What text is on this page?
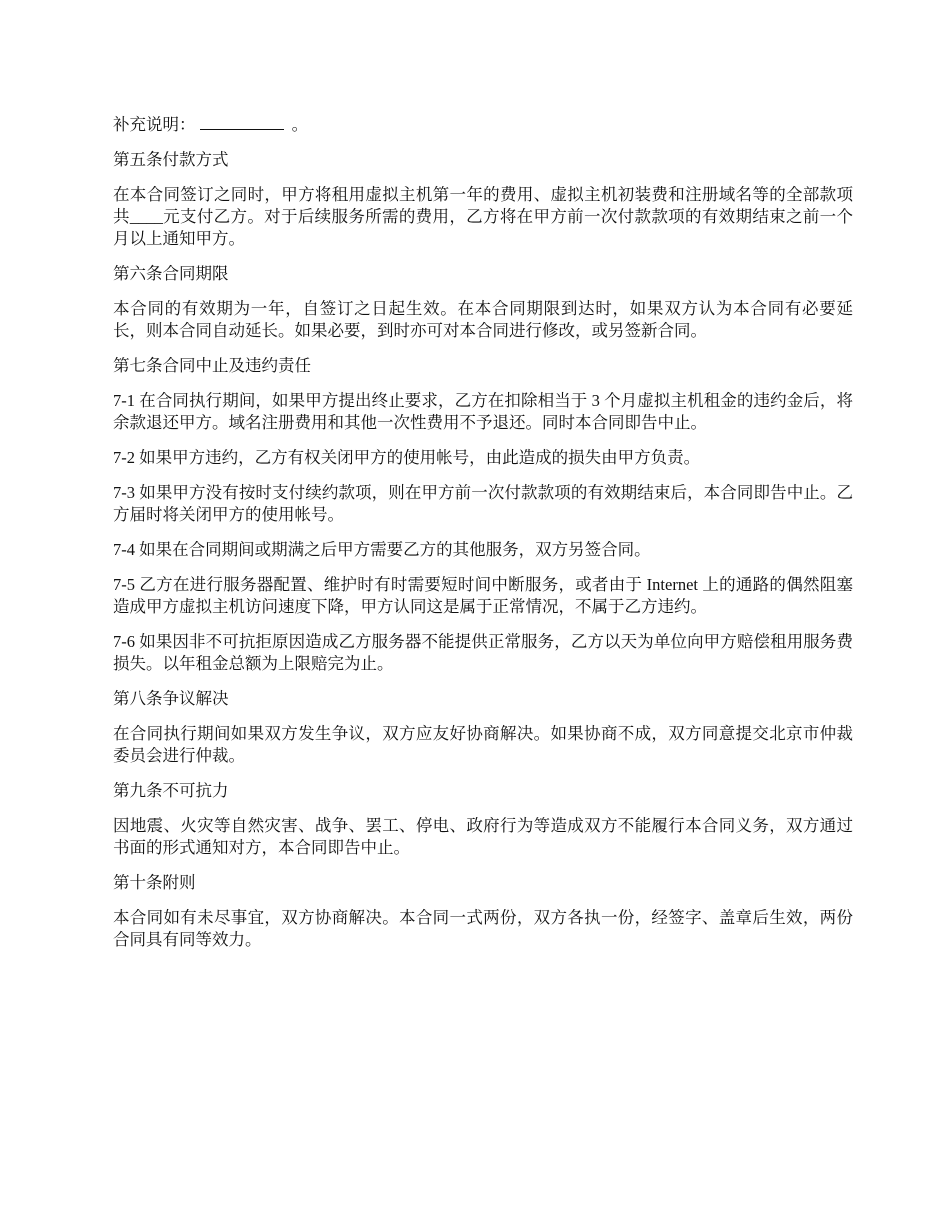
补充说明：	。

第五条付款方式

在本合同签订之同时，甲方将租用虚拟主机第一年的费用、虚拟主机初装费和注册域名等的全部款项共____元支付乙方。对于后续服务所需的费用，乙方将在甲方前一次付款款项的有效期结束之前一个月以上通知甲方。

第六条合同期限

本合同的有效期为一年，自签订之日起生效。在本合同期限到达时，如果双方认为本合同有必要延长，则本合同自动延长。如果必要，到时亦可对本合同进行修改，或另签新合同。

第七条合同中止及违约责任

7-1 在合同执行期间，如果甲方提出终止要求，乙方在扣除相当于 3 个月虚拟主机租金的违约金后，将余款退还甲方。域名注册费用和其他一次性费用不予退还。同时本合同即告中止。

7-2 如果甲方违约，乙方有权关闭甲方的使用帐号，由此造成的损失由甲方负责。

7-3 如果甲方没有按时支付续约款项，则在甲方前一次付款款项的有效期结束后，本合同即告中止。乙方届时将关闭甲方的使用帐号。

7-4 如果在合同期间或期满之后甲方需要乙方的其他服务，双方另签合同。

7-5 乙方在进行服务器配置、维护时有时需要短时间中断服务，或者由于 Internet 上的通路的偶然阻塞造成甲方虚拟主机访问速度下降，甲方认同这是属于正常情况，不属于乙方违约。

7-6 如果因非不可抗拒原因造成乙方服务器不能提供正常服务，乙方以天为单位向甲方赔偿租用服务费损失。以年租金总额为上限赔完为止。

第八条争议解决

在合同执行期间如果双方发生争议，双方应友好协商解决。如果协商不成，双方同意提交北京市仲裁委员会进行仲裁。

第九条不可抗力

因地震、火灾等自然灾害、战争、罢工、停电、政府行为等造成双方不能履行本合同义务，双方通过书面的形式通知对方，本合同即告中止。

第十条附则

本合同如有未尽事宜，双方协商解决。本合同一式两份，双方各执一份，经签字、盖章后生效，两份合同具有同等效力。
